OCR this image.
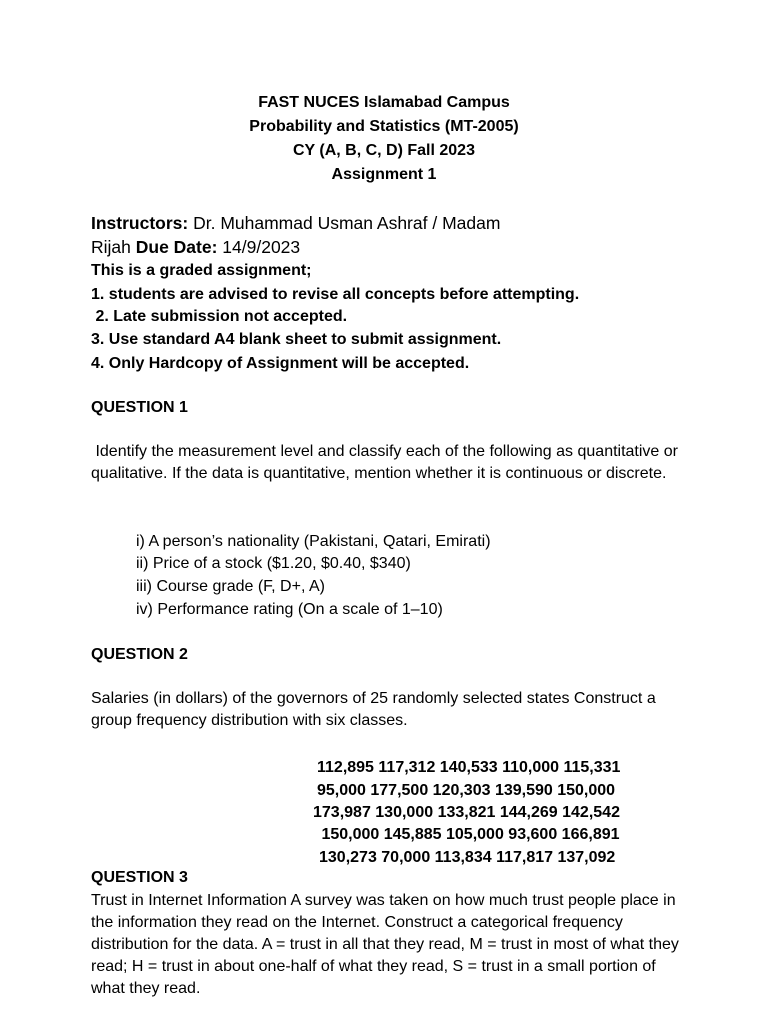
FAST NUCES Islamabad Campus
Probability and Statistics (MT-2005)
CY (A, B, C, D) Fall 2023
Assignment 1
Instructors: Dr. Muhammad Usman Ashraf / Madam
Rijah Due Date: 14/9/2023
This is a graded assignment;
1. students are advised to revise all concepts before attempting.
2. Late submission not accepted.
3. Use standard A4 blank sheet to submit assignment.
4. Only Hardcopy of Assignment will be accepted.
QUESTION 1
Identify the measurement level and classify each of the following as quantitative or qualitative. If the data is quantitative, mention whether it is continuous or discrete.
i) A person’s nationality (Pakistani, Qatari, Emirati)
ii) Price of a stock ($1.20, $0.40, $340)
iii) Course grade (F, D+, A)
iv) Performance rating (On a scale of 1–10)
QUESTION 2
Salaries (in dollars) of the governors of 25 randomly selected states Construct a group frequency distribution with six classes.
112,895 117,312 140,533 110,000 115,331
95,000 177,500 120,303 139,590 150,000
173,987 130,000 133,821 144,269 142,542
150,000 145,885 105,000 93,600 166,891
130,273 70,000 113,834 117,817 137,092
QUESTION 3
Trust in Internet Information A survey was taken on how much trust people place in the information they read on the Internet. Construct a categorical frequency distribution for the data. A = trust in all that they read, M = trust in most of what they read; H = trust in about one-half of what they read, S = trust in a small portion of what they read.
